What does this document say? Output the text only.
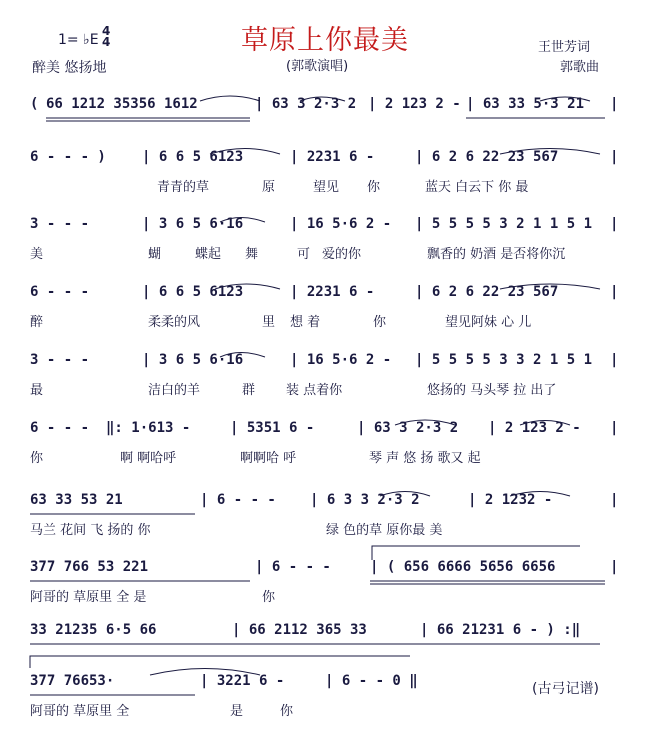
草原上你最美
1= ♭E
4
4
醉美 悠扬地	(郭歌演唱)
王世芳词
郭歌曲
( 66 1212 35356 1612	| 63 3 2·3 2 | 2 123 2 - | 63 33 5·3 21 |
6 - - - )	| 6 6 5 6123	| 2231 6 -	| 6 2 6 22 23 567	|
青青的草	原	望见 你	蓝天 白云下 你 最
3 - - -	| 3 6 5 6·16	| 16 5·6 2 - | 5 5 5 5 3 2 1 1 5 1 |
美	蝴	蝶起 舞	可 爱的你	飘香的 奶酒 是否将你沉
6 - - -	| 6 6 5 6123	| 2231 6 -	| 6 2 6 22 23 567	|
醉	柔柔的风	里 想 着	你	望见阿妹 心 儿
3 - - -	| 3 6 5 6·16	| 16 5·6 2 - | 5 5 5 5 3 3 2 1 5 1 |
最	洁白的羊	群 装 点着你	悠扬的 马头琴 拉 出了
6 - - - ‖: 1·613 -	| 5351 6 -	| 63 3 2·3 2 | 2 123 2 - |
你	啊 啊哈呼	啊啊哈 呼	琴 声 悠 扬 歌又 起
63 33 53 21	| 6 - - - | 6 3 3 2·3 2	| 2 1232 -	|
马兰 花间 飞 扬的 你	绿 色的草 原你最 美
377 766 53 221	| 6 - - -	| ( 656 6666 5656 6656	|
阿哥的 草原里 全 是	你
33 21235 6·5 66	| 66 2112 365 33	| 66 21231 6 - ) :‖
377 76653·	| 3221 6 -	| 6 - - 0 ‖
阿哥的 草原里 全	是	你
(古弓记谱)
